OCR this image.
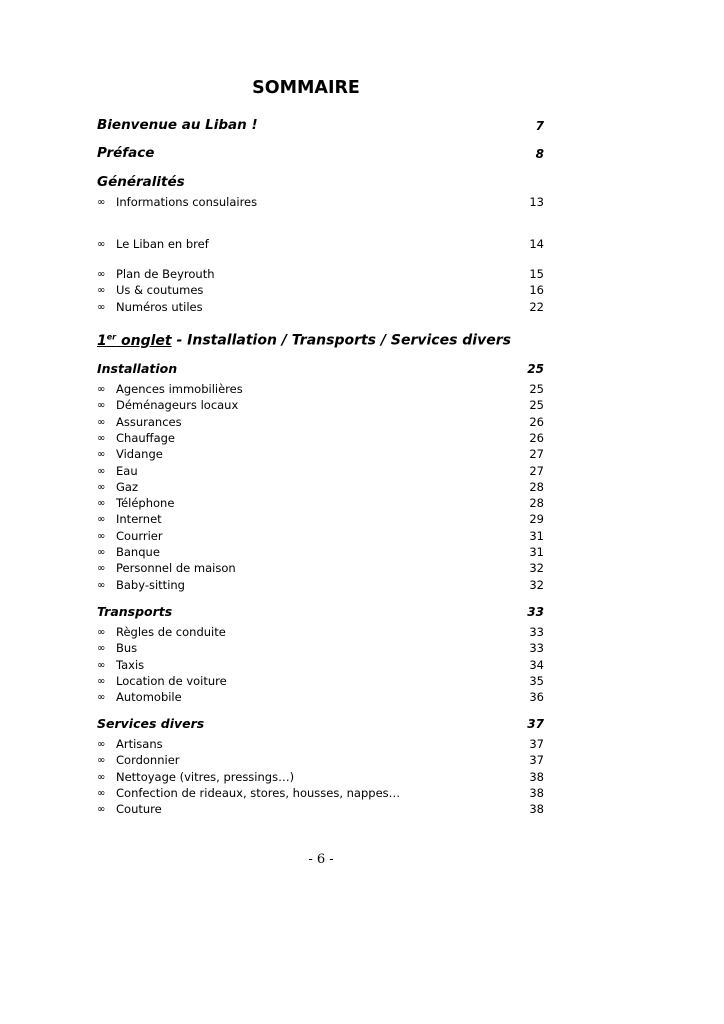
SOMMAIRE
Bienvenue au Liban !	7
Préface	8
Généralités
∞ Informations consulaires	13
∞ Le Liban en bref	14
∞ Plan de Beyrouth	15
∞ Us & coutumes	16
∞ Numéros utiles	22
1er onglet - Installation / Transports / Services divers
Installation	25
∞ Agences immobilières	25
∞ Déménageurs locaux	25
∞ Assurances	26
∞ Chauffage	26
∞ Vidange	27
∞ Eau	27
∞ Gaz	28
∞ Téléphone	28
∞ Internet	29
∞ Courrier	31
∞ Banque	31
∞ Personnel de maison	32
∞ Baby-sitting	32
Transports	33
∞ Règles de conduite	33
∞ Bus	33
∞ Taxis	34
∞ Location de voiture	35
∞ Automobile	36
Services divers	37
∞ Artisans	37
∞ Cordonnier	37
∞ Nettoyage (vitres, pressings…)	38
∞ Confection de rideaux, stores, housses, nappes…	38
∞ Couture	38
- 6 -
